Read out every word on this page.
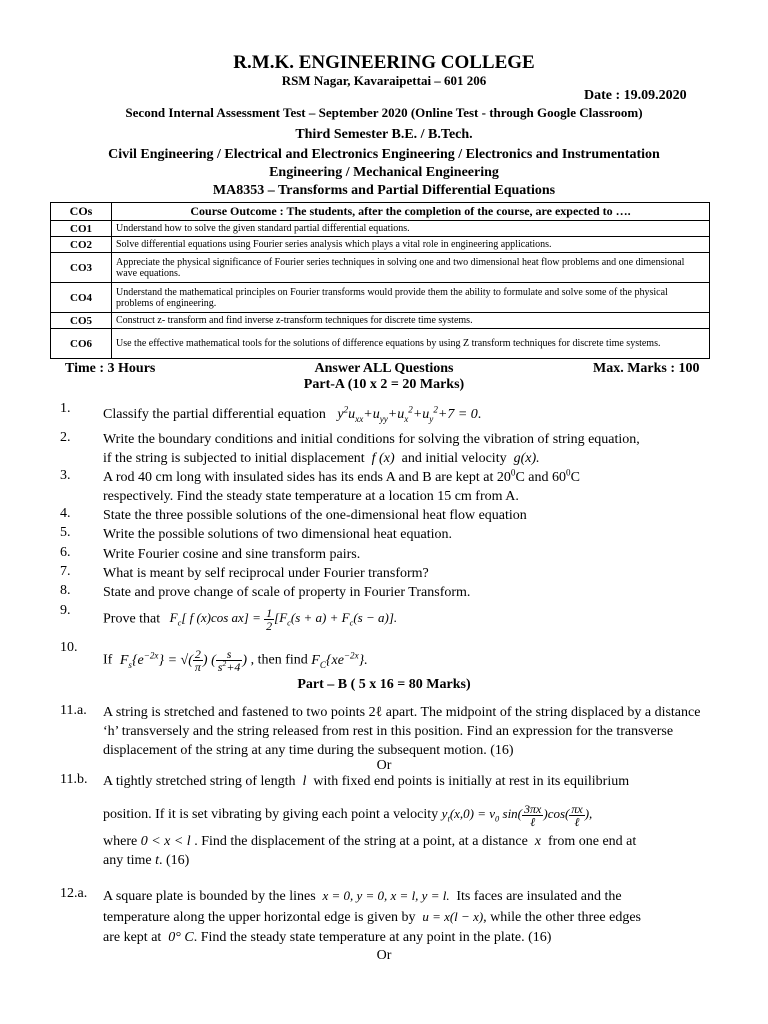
R.M.K. ENGINEERING COLLEGE
RSM Nagar, Kavaraipettai – 601 206
Date : 19.09.2020
Second Internal Assessment Test – September 2020 (Online Test - through Google Classroom)
Third Semester B.E. / B.Tech.
Civil Engineering / Electrical and Electronics Engineering / Electronics and Instrumentation
Engineering / Mechanical Engineering
MA8353 – Transforms and Partial Differential Equations
COs	Course Outcome : The students, after the completion of the course, are expected to ….
CO1	Understand how to solve the given standard partial differential equations.
CO2	Solve differential equations using Fourier series analysis which plays a vital role in engineering applications.
CO3	Appreciate the physical significance of Fourier series techniques in solving one and two dimensional heat flow problems and one dimensional wave equations.
CO4	Understand the mathematical principles on Fourier transforms would provide them the ability to formulate and solve some of the physical problems of engineering.
CO5	Construct z- transform and find inverse z-transform techniques for discrete time systems.
CO6	Use the effective mathematical tools for the solutions of difference equations by using Z transform techniques for discrete time systems.
Time : 3 Hours	Answer ALL Questions	Max. Marks : 100
Part-A (10 x 2 = 20 Marks)
1. Classify the partial differential equation $y^2u_{xx}+u_{yy}+u_x^2+u_y^2+7 = 0$.
2. Write the boundary conditions and initial conditions for solving the vibration of string equation,
if the string is subjected to initial displacement  f (x)  and initial velocity  g(x).
3. A rod 40 cm long with insulated sides has its ends A and B are kept at $20^0C$ and $60^0C$
respectively. Find the steady state temperature at a location 15 cm from A.
4. State the three possible solutions of the one-dimensional heat flow equation
5. Write the possible solutions of two dimensional heat equation.
6. Write Fourier cosine and sine transform pairs.
7. What is meant by self reciprocal under Fourier transform?
8. State and prove change of scale of property in Fourier Transform.
9.
Prove that $F_c$[ f (x)cos $ax] = \frac{1}{2} [F_c(s + a) + F_c(s - a)]$.
10.
If $F_s\{e^{-2x}\}$ = √( $\frac{2}{\pi}$ ) ( $\frac{s}{s^2+4}$ ) , then find $F_C\{xe^{-2x}\}$.
Part – B ( 5 x 16 = 80 Marks)
11.a. A string is stretched and fastened to two points 2ℓ apart. The midpoint of the string displaced by a distance ‘h’ transversely and the string released from rest in this position. Find an expression for the transverse displacement of the string at any time during the subsequent motion. (16)
Or
11.b. A tightly stretched string of length  l  with fixed end points is initially at rest in its equilibrium
position. If it is set vibrating by giving each point a velocity $y_t(x,0) = v_0$ $\sin( \frac{3\pi x}{\text{ℓ}} )\cos( \frac{\pi x}{\text{ℓ}}$ ),
where 0 < x < l . Find the displacement of the string at a point, at a distance  x  from one end at
any time t. (16)
12.a. A square plate is bounded by the lines  x = 0, y = 0, x = l, y = l.  Its faces are insulated and the
temperature along the upper horizontal edge is given by  u = x(l − x), while the other three edges
are kept at  0° C. Find the steady state temperature at any point in the plate. (16)
Or
